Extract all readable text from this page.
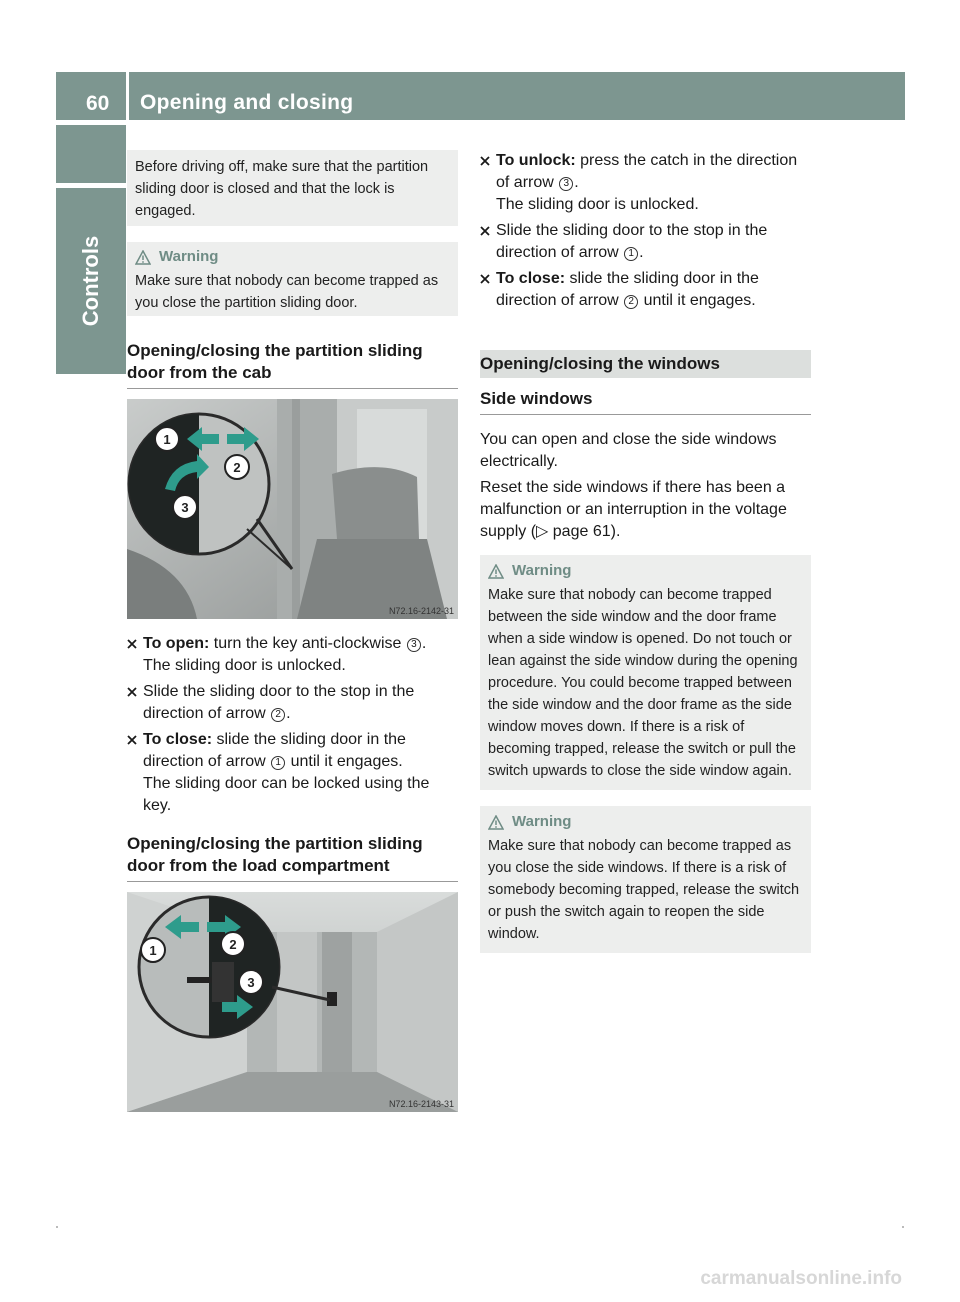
60 Opening and closing
Controls
Before driving off, make sure that the partition sliding door is closed and that the lock is engaged.
Warning
Make sure that nobody can become trapped as you close the partition sliding door.
Opening/closing the partition sliding door from the cab
1
2
3
N72.16-2142-31
To open: turn the key anti-clockwise 3 .
The sliding door is unlocked.
Slide the sliding door to the stop in the direction of arrow 2 .
To close: slide the sliding door in the direction of arrow 1 until it engages.
The sliding door can be locked using the key.
Opening/closing the partition sliding door from the load compartment
1	2
3
N72.16-2143-31
To unlock: press the catch in the direction of arrow 3 .
The sliding door is unlocked.
Slide the sliding door to the stop in the direction of arrow 1 .
To close: slide the sliding door in the direction of arrow 2 until it engages.
Opening/closing the windows
Side windows
You can open and close the side windows electrically.
Reset the side windows if there has been a malfunction or an interruption in the voltage supply (▷ page 61).
Warning
Make sure that nobody can become trapped between the side window and the door frame when a side window is opened. Do not touch or lean against the side window during the opening procedure. You could become trapped between the side window and the door frame as the side window moves down. If there is a risk of becoming trapped, release the switch or pull the switch upwards to close the side window again.
Warning
Make sure that nobody can become trapped as you close the side windows. If there is a risk of somebody becoming trapped, release the switch or push the switch again to reopen the side window.
carmanualsonline.info
